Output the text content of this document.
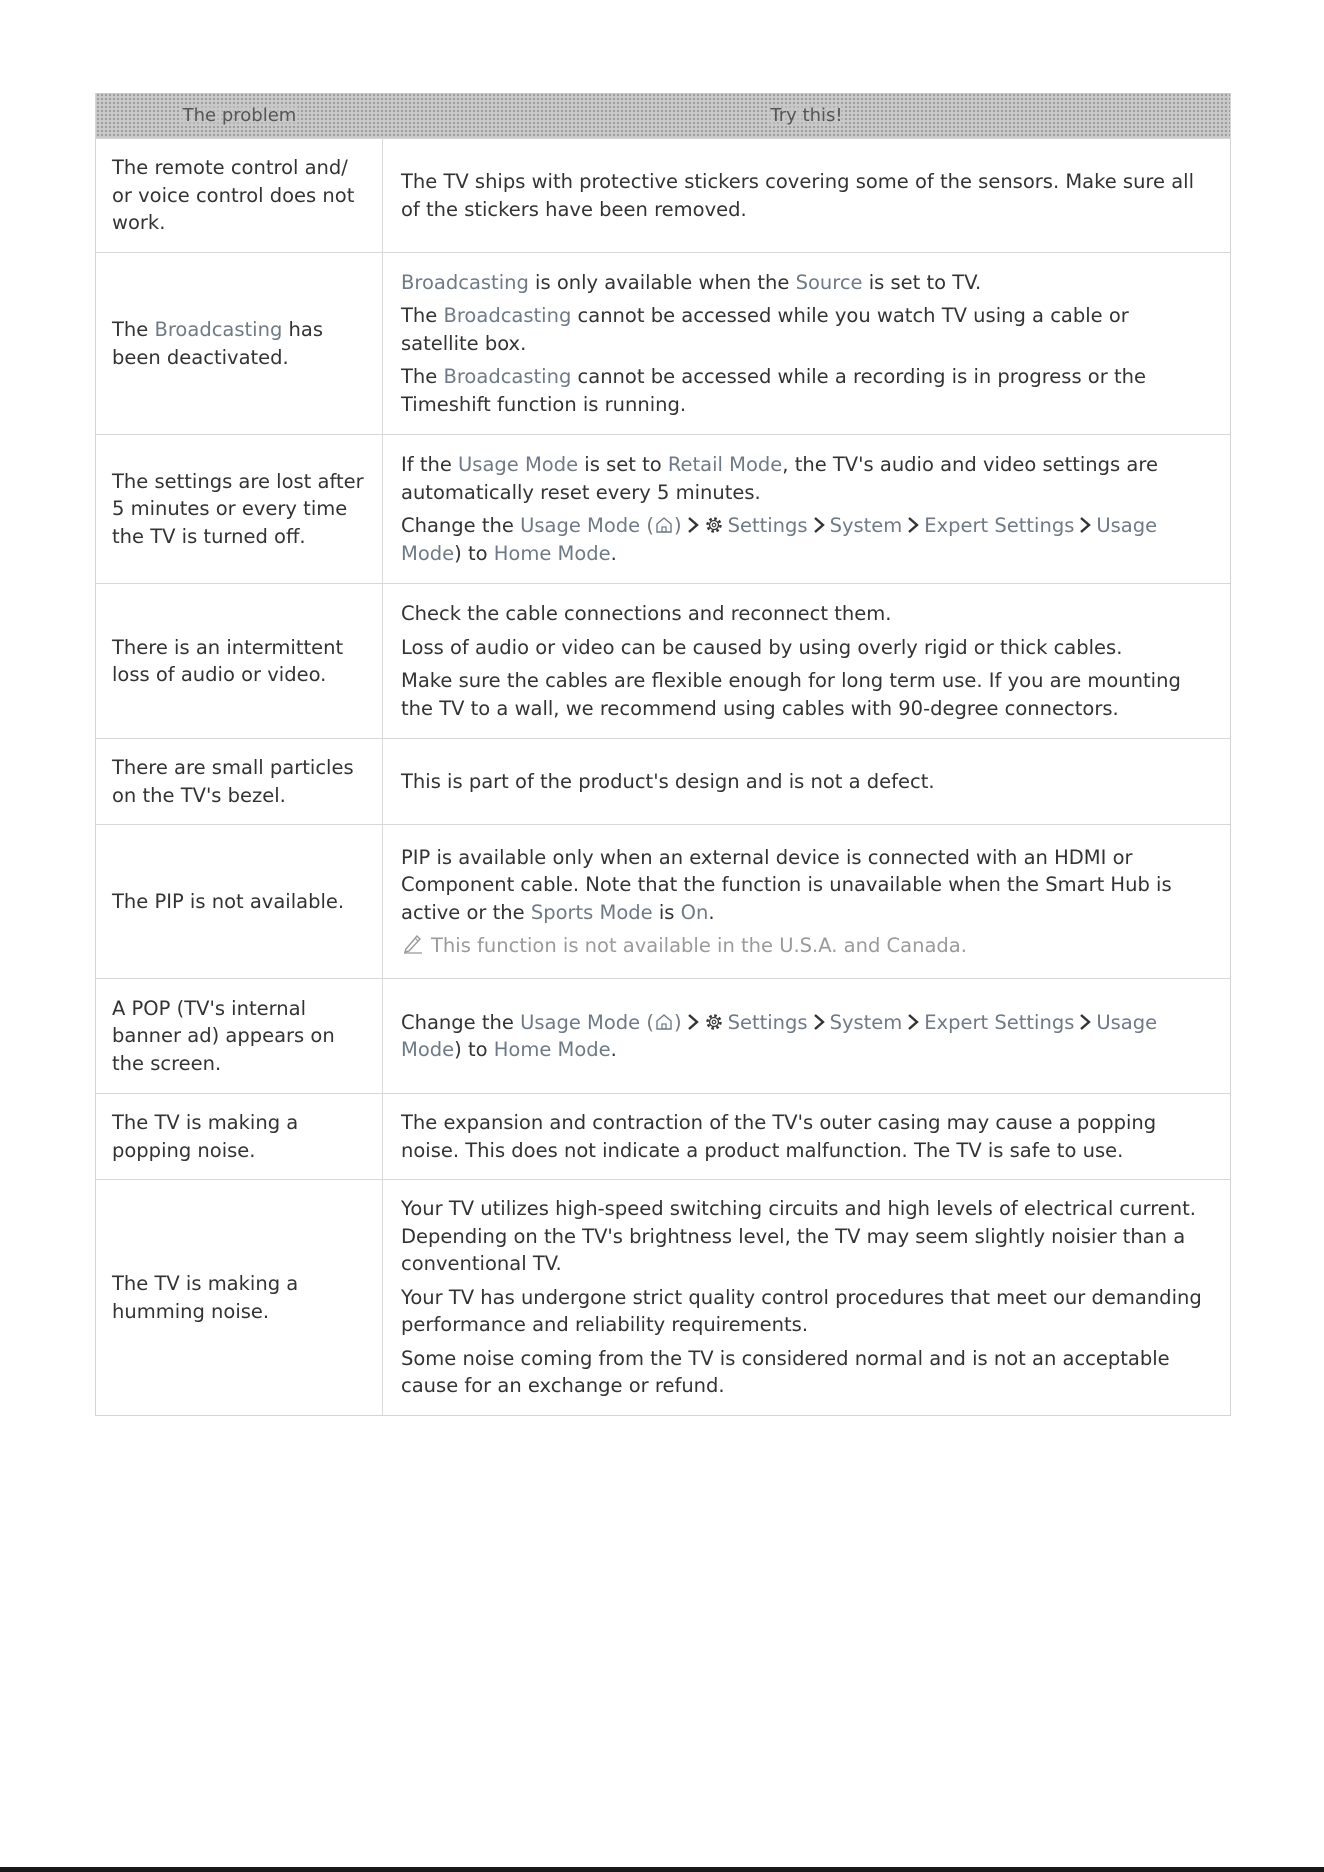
The problem	Try this!
The remote control and/ or voice control does not work.

The TV ships with protective stickers covering some of the sensors. Make sure all of the stickers have been removed.

The Broadcasting has been deactivated.

Broadcasting is only available when the Source is set to TV.

The Broadcasting cannot be accessed while you watch TV using a cable or satellite box.

The Broadcasting cannot be accessed while a recording is in progress or the Timeshift function is running.

The settings are lost after 5 minutes or every time the TV is turned off.

If the Usage Mode is set to Retail Mode, the TV's audio and video settings are automatically reset every 5 minutes.

Change the Usage Mode ( ) Settings System Expert Settings Usage Mode) to Home Mode.

There is an intermittent loss of audio or video.

Check the cable connections and reconnect them.

Loss of audio or video can be caused by using overly rigid or thick cables.

Make sure the cables are flexible enough for long term use. If you are mounting the TV to a wall, we recommend using cables with 90-degree connectors.

There are small particles on the TV's bezel.

This is part of the product's design and is not a defect.

The PIP is not available.

PIP is available only when an external device is connected with an HDMI or Component cable. Note that the function is unavailable when the Smart Hub is active or the Sports Mode is On.

This function is not available in the U.S.A. and Canada.

A POP (TV's internal banner ad) appears on the screen.

Change the Usage Mode ( ) Settings System Expert Settings Usage Mode) to Home Mode.

The TV is making a popping noise.

The expansion and contraction of the TV's outer casing may cause a popping noise. This does not indicate a product malfunction. The TV is safe to use.

The TV is making a humming noise.

Your TV utilizes high-speed switching circuits and high levels of electrical current. Depending on the TV's brightness level, the TV may seem slightly noisier than a conventional TV.

Your TV has undergone strict quality control procedures that meet our demanding performance and reliability requirements.

Some noise coming from the TV is considered normal and is not an acceptable cause for an exchange or refund.
